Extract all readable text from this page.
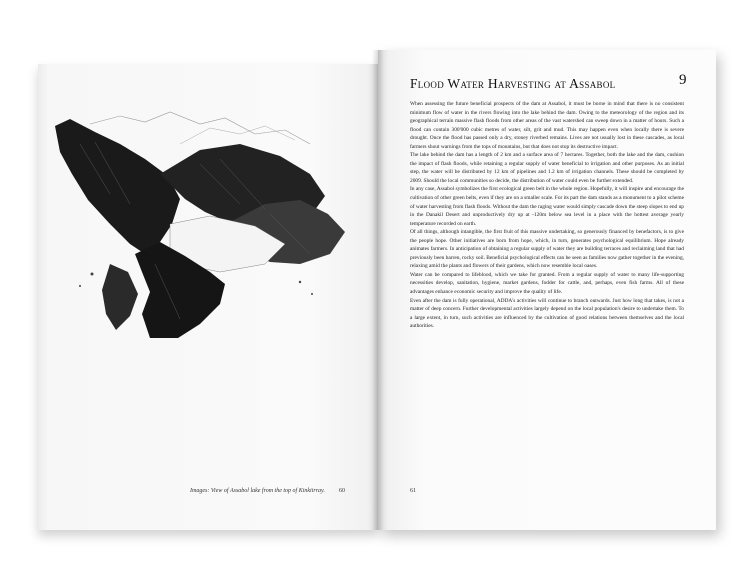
Images: View of Assabol lake from the top of Kinkiirray.	60	61
Flood Water Harvesting at Assabol	9

When assessing the future beneficial prospects of the dam at Assabol, it must be borne in mind that there is no consistent minimum flow of water in the rivers flowing into the lake behind the dam. Owing to the meteorology of the region and its geographical terrain massive flash floods from other areas of the vast watershed can sweep down in a matter of hours. Such a flood can contain 300'000 cubic metres of water, silt, grit and mud. This may happen even when locally there is severe drought. Once the flood has passed only a dry, stoney riverbed remains. Lives are not usually lost in these cascades, as local farmers shout warnings from the tops of mountains, but that does not stop its destructive impact.

The lake behind the dam has a length of 2 km and a surface area of 7 hectares. Together, both the lake and the dam, cushion the impact of flash floods, while retaining a regular supply of water beneficial to irrigation and other purposes. As an initial step, the water will be distributed by 12 km of pipelines and 1.2 km of irrigation channels. These should be completed by 2009. Should the local communities so decide, the distribution of water could even be further extended.

In any case, Assabol symbolizes the first ecological green belt in the whole region. Hopefully, it will inspire and encourage the cultivation of other green belts, even if they are on a smaller scale. For its part the dam stands as a monument to a pilot scheme of water harvesting from flash floods. Without the dam the raging water would simply cascade down the steep slopes to end up in the Danakil Desert and unproductively dry up at -120m below sea level in a place with the hottest average yearly temperature recorded on earth.

Of all things, although intangible, the first fruit of this massive undertaking, so generously financed by benefactors, is to give the people hope. Other initiatives are born from hope, which, in turn, generates psychological equilibrium. Hope already animates farmers. In anticipation of obtaining a regular supply of water they are building terraces and reclaiming land that had previously been barren, rocky soil. Beneficial psychological effects can be seen as families now gather together in the evening, relaxing amid the plants and flowers of their gardens, which now resemble local oases.

Water can be compared to lifeblood, which we take for granted. From a regular supply of water to many life-supporting necessities develop, sanitation, hygiene, market gardens, fodder for cattle, and, perhaps, even fish farms. All of these advantages enhance economic security and improve the quality of life.

Even after the dam is fully operational, ADDA's activities will continue to branch outwards. Just how long that takes, is not a matter of deep concern. Further developmental activities largely depend on the local population's desire to undertake them. To a large extent, in turn, such activities are influenced by the cultivation of good relations between themselves and the local authorities.
